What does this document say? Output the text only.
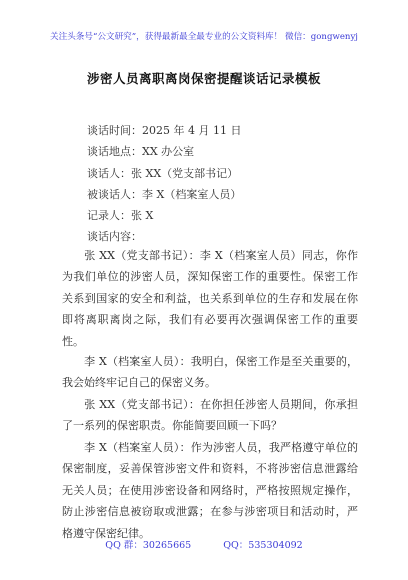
关注头条号“公文研究”，获得最新最全最专业的公文资料库！ 微信：gongwenyj
涉密人员离职离岗保密提醒谈话记录模板
谈话时间：2025 年 4 月 11 日
谈话地点：XX 办公室
谈话人：张 XX（党支部书记）
被谈话人：李 X（档案室人员）
记录人：张 X
谈话内容：
张 XX（党支部书记）：李 X（档案室人员）同志，你作为我们单位的涉密人员，深知保密工作的重要性。保密工作关系到国家的安全和利益，也关系到单位的生存和发展在你即将离职离岗之际，我们有必要再次强调保密工作的重要性。
李 X（档案室人员）：我明白，保密工作是至关重要的，我会始终牢记自己的保密义务。
张 XX（党支部书记）：在你担任涉密人员期间，你承担了一系列的保密职责。你能简要回顾一下吗？
李 X（档案室人员）：作为涉密人员，我严格遵守单位的保密制度，妥善保管涉密文件和资料，不将涉密信息泄露给无关人员；在使用涉密设备和网络时，严格按照规定操作，防止涉密信息被窃取或泄露；在参与涉密项目和活动时，严格遵守保密纪律。
QQ 群：30265665	QQ：535304092
